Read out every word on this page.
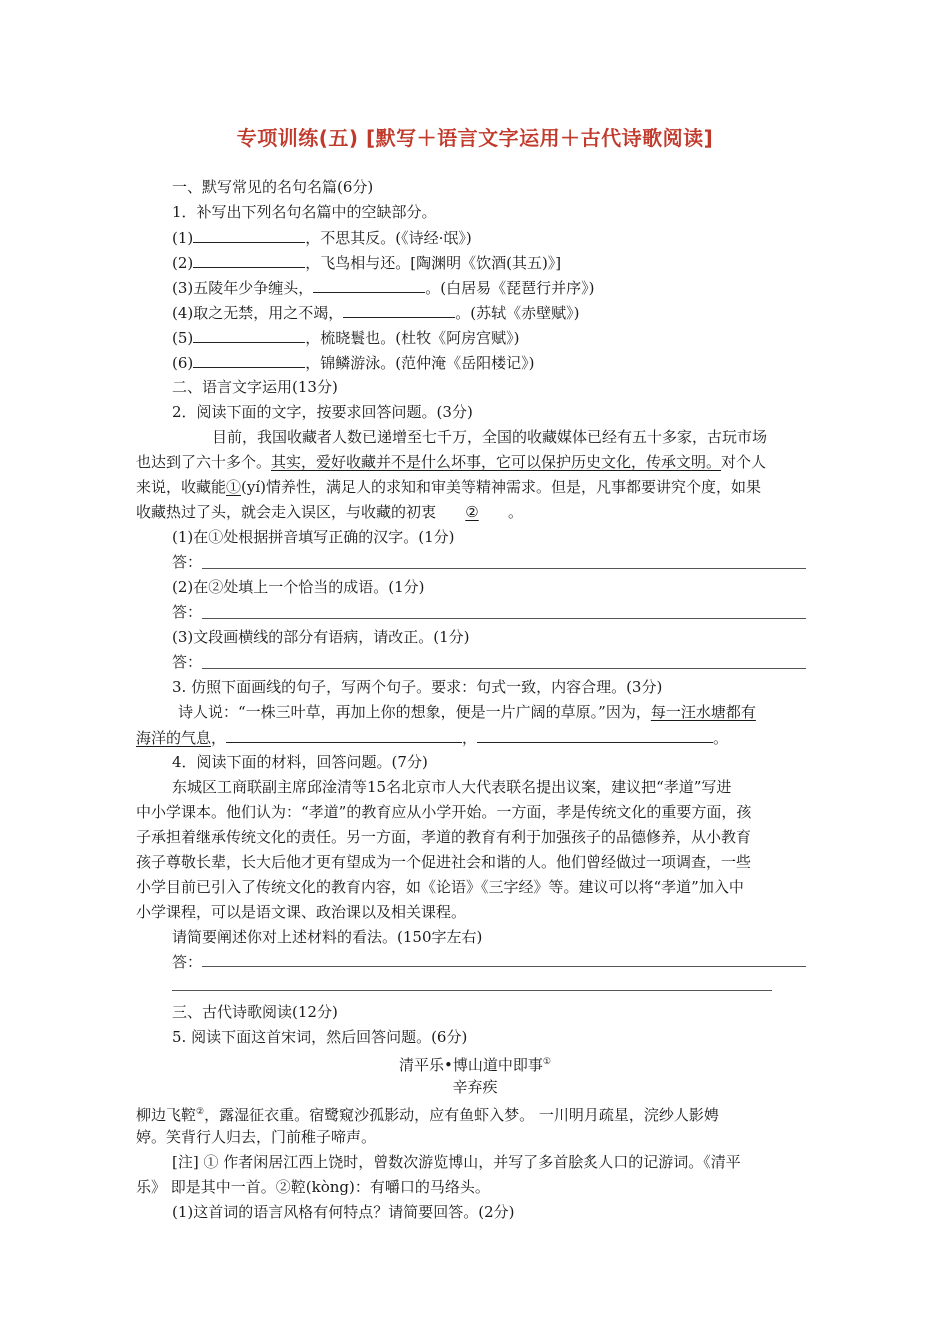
专项训练(五) [默写＋语言文字运用＋古代诗歌阅读]
一、默写常见的名句名篇(6分)
1．补写出下列名句名篇中的空缺部分。
(1)	，不思其反。(《诗经·氓》)
(2)	，飞鸟相与还。[陶渊明《饮酒(其五)》]
(3)五陵年少争缠头，	。(白居易《琵琶行并序》)
(4)取之无禁，用之不竭，	。(苏轼《赤壁赋》)
(5)	，梳晓鬟也。(杜牧《阿房宫赋》)
(6)	，锦鳞游泳。(范仲淹《岳阳楼记》)
二、语言文字运用(13分)
2．阅读下面的文字，按要求回答问题。(3分)
目前，我国收藏者人数已递增至七千万，全国的收藏媒体已经有五十多家，古玩市场
也达到了六十多个。其实，爱好收藏并不是什么坏事，它可以保护历史文化，传承文明。对个人
来说，收藏能①(yí)情养性，满足人的求知和审美等精神需求。但是，凡事都要讲究个度，如果
收藏热过了头，就会走入误区，与收藏的初衷 ② 。
(1)在①处根据拼音填写正确的汉字。(1分)
答：
(2)在②处填上一个恰当的成语。(1分)
答：
(3)文段画横线的部分有语病，请改正。(1分)
答：
3. 仿照下面画线的句子，写两个句子。要求：句式一致，内容合理。(3分)
诗人说：“一株三叶草，再加上你的想象，便是一片广阔的草原。”因为，每一汪水塘都有
海洋的气息，	，	。
4．阅读下面的材料，回答问题。(7分)
东城区工商联副主席邱淦清等15名北京市人大代表联名提出议案，建议把“孝道”写进
中小学课本。他们认为：“孝道”的教育应从小学开始。一方面，孝是传统文化的重要方面，孩
子承担着继承传统文化的责任。另一方面，孝道的教育有利于加强孩子的品德修养，从小教育
孩子尊敬长辈，长大后他才更有望成为一个促进社会和谐的人。他们曾经做过一项调查，一些
小学目前已引入了传统文化的教育内容，如《论语》《三字经》等。建议可以将“孝道”加入中
小学课程，可以是语文课、政治课以及相关课程。
请简要阐述你对上述材料的看法。(150字左右)
答：
三、古代诗歌阅读(12分)
5. 阅读下面这首宋词，然后回答问题。(6分)
清平乐•博山道中即事①
辛弃疾
柳边飞鞚②，露湿征衣重。宿鹭窥沙孤影动，应有鱼虾入梦。 一川明月疏星，浣纱人影娉
婷。笑背行人归去，门前稚子啼声。
[注] ① 作者闲居江西上饶时，曾数次游览博山，并写了多首脍炙人口的记游词。《清平
乐》 即是其中一首。②鞚(kòng)：有嚼口的马络头。
(1)这首词的语言风格有何特点？请简要回答。(2分)
